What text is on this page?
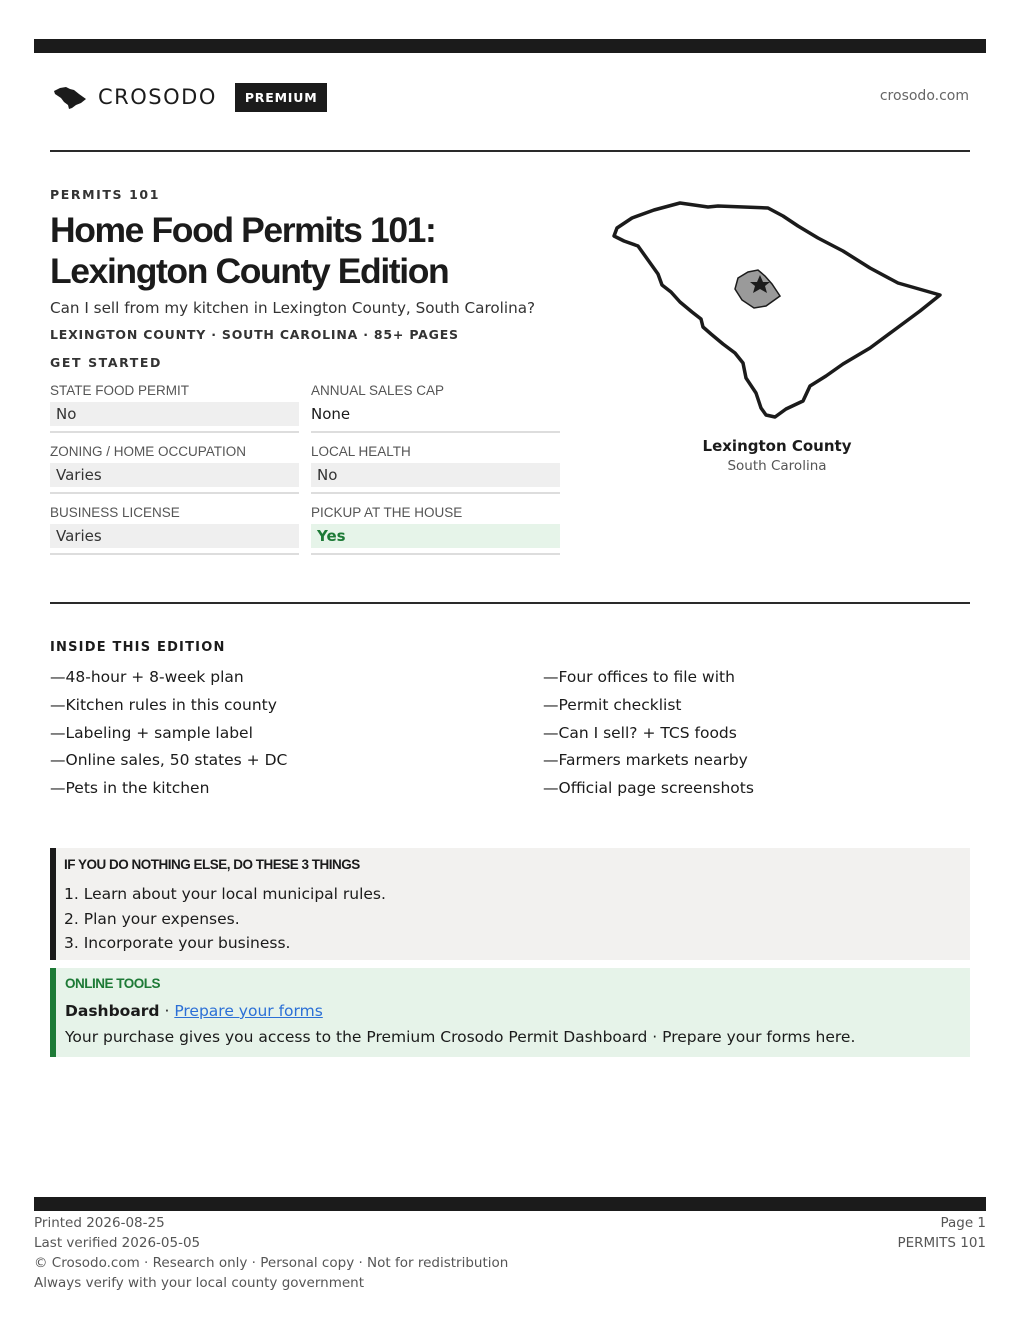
CROSODO	PREMIUM	crosodo.com
PERMITS 101
Home Food Permits 101:
Lexington County Edition
Can I sell from my kitchen in Lexington County, South Carolina?
LEXINGTON COUNTY · SOUTH CAROLINA · 85+ PAGES
GET STARTED
STATE FOOD PERMIT
No
ANNUAL SALES CAP
None
ZONING / HOME OCCUPATION
Varies
LOCAL HEALTH
No
BUSINESS LICENSE
Varies
PICKUP AT THE HOUSE
Yes
Lexington County
South Carolina
INSIDE THIS EDITION
—48-hour + 8-week plan
—Kitchen rules in this county
—Labeling + sample label
—Online sales, 50 states + DC
—Pets in the kitchen
—Four offices to file with
—Permit checklist
—Can I sell? + TCS foods
—Farmers markets nearby
—Official page screenshots
IF YOU DO NOTHING ELSE, DO THESE 3 THINGS
1. Learn about your local municipal rules.
2. Plan your expenses.
3. Incorporate your business.
ONLINE TOOLS
Dashboard · Prepare your forms
Your purchase gives you access to the Premium Crosodo Permit Dashboard · Prepare your forms here.
Printed 2026-08-25
Last verified 2026-05-05
© Crosodo.com · Research only · Personal copy · Not for redistribution
Always verify with your local county government
Page 1
PERMITS 101
